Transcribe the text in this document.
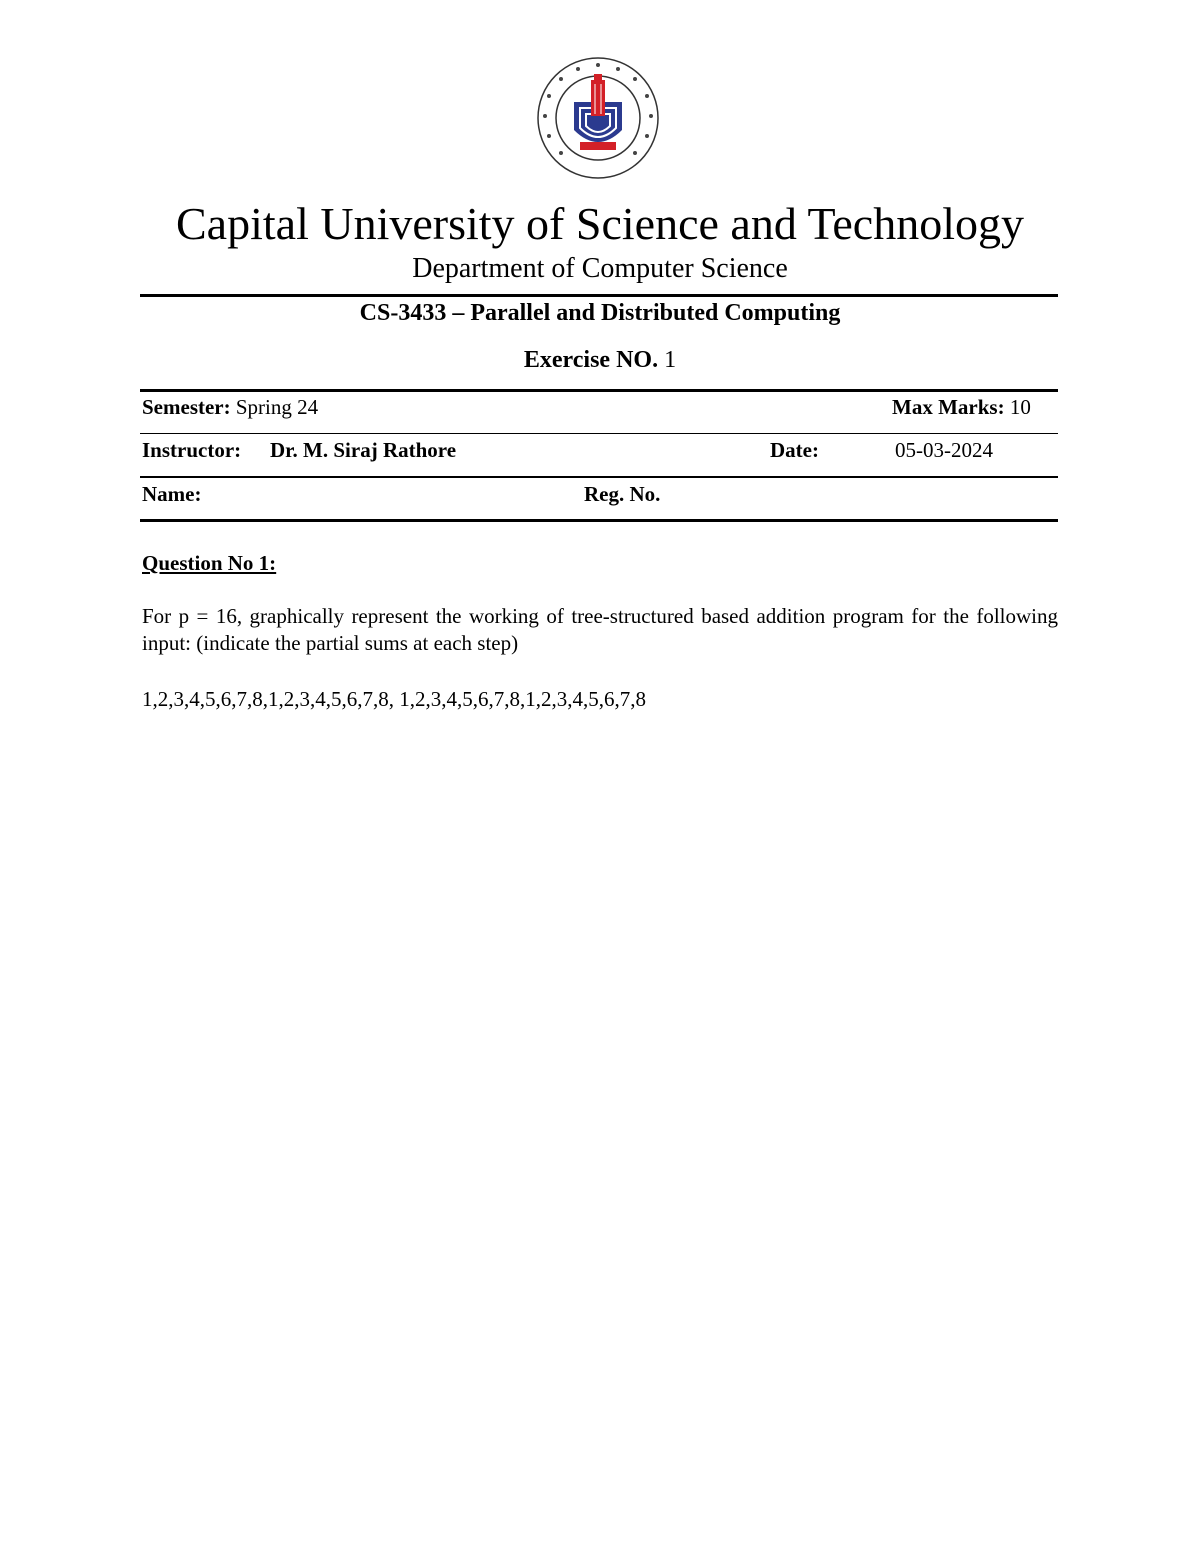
Capital University of Science and Technology
Department of Computer Science
CS-3433 – Parallel and Distributed Computing
Exercise NO. 1
Semester: Spring 24	Max Marks: 10
Instructor: Dr. M. Siraj Rathore	Date:	05-03-2024
Name:	Reg. No.
Question No 1:
For p = 16, graphically represent the working of tree-structured based addition program for the following input: (indicate the partial sums at each step)
1,2,3,4,5,6,7,8,1,2,3,4,5,6,7,8, 1,2,3,4,5,6,7,8,1,2,3,4,5,6,7,8
